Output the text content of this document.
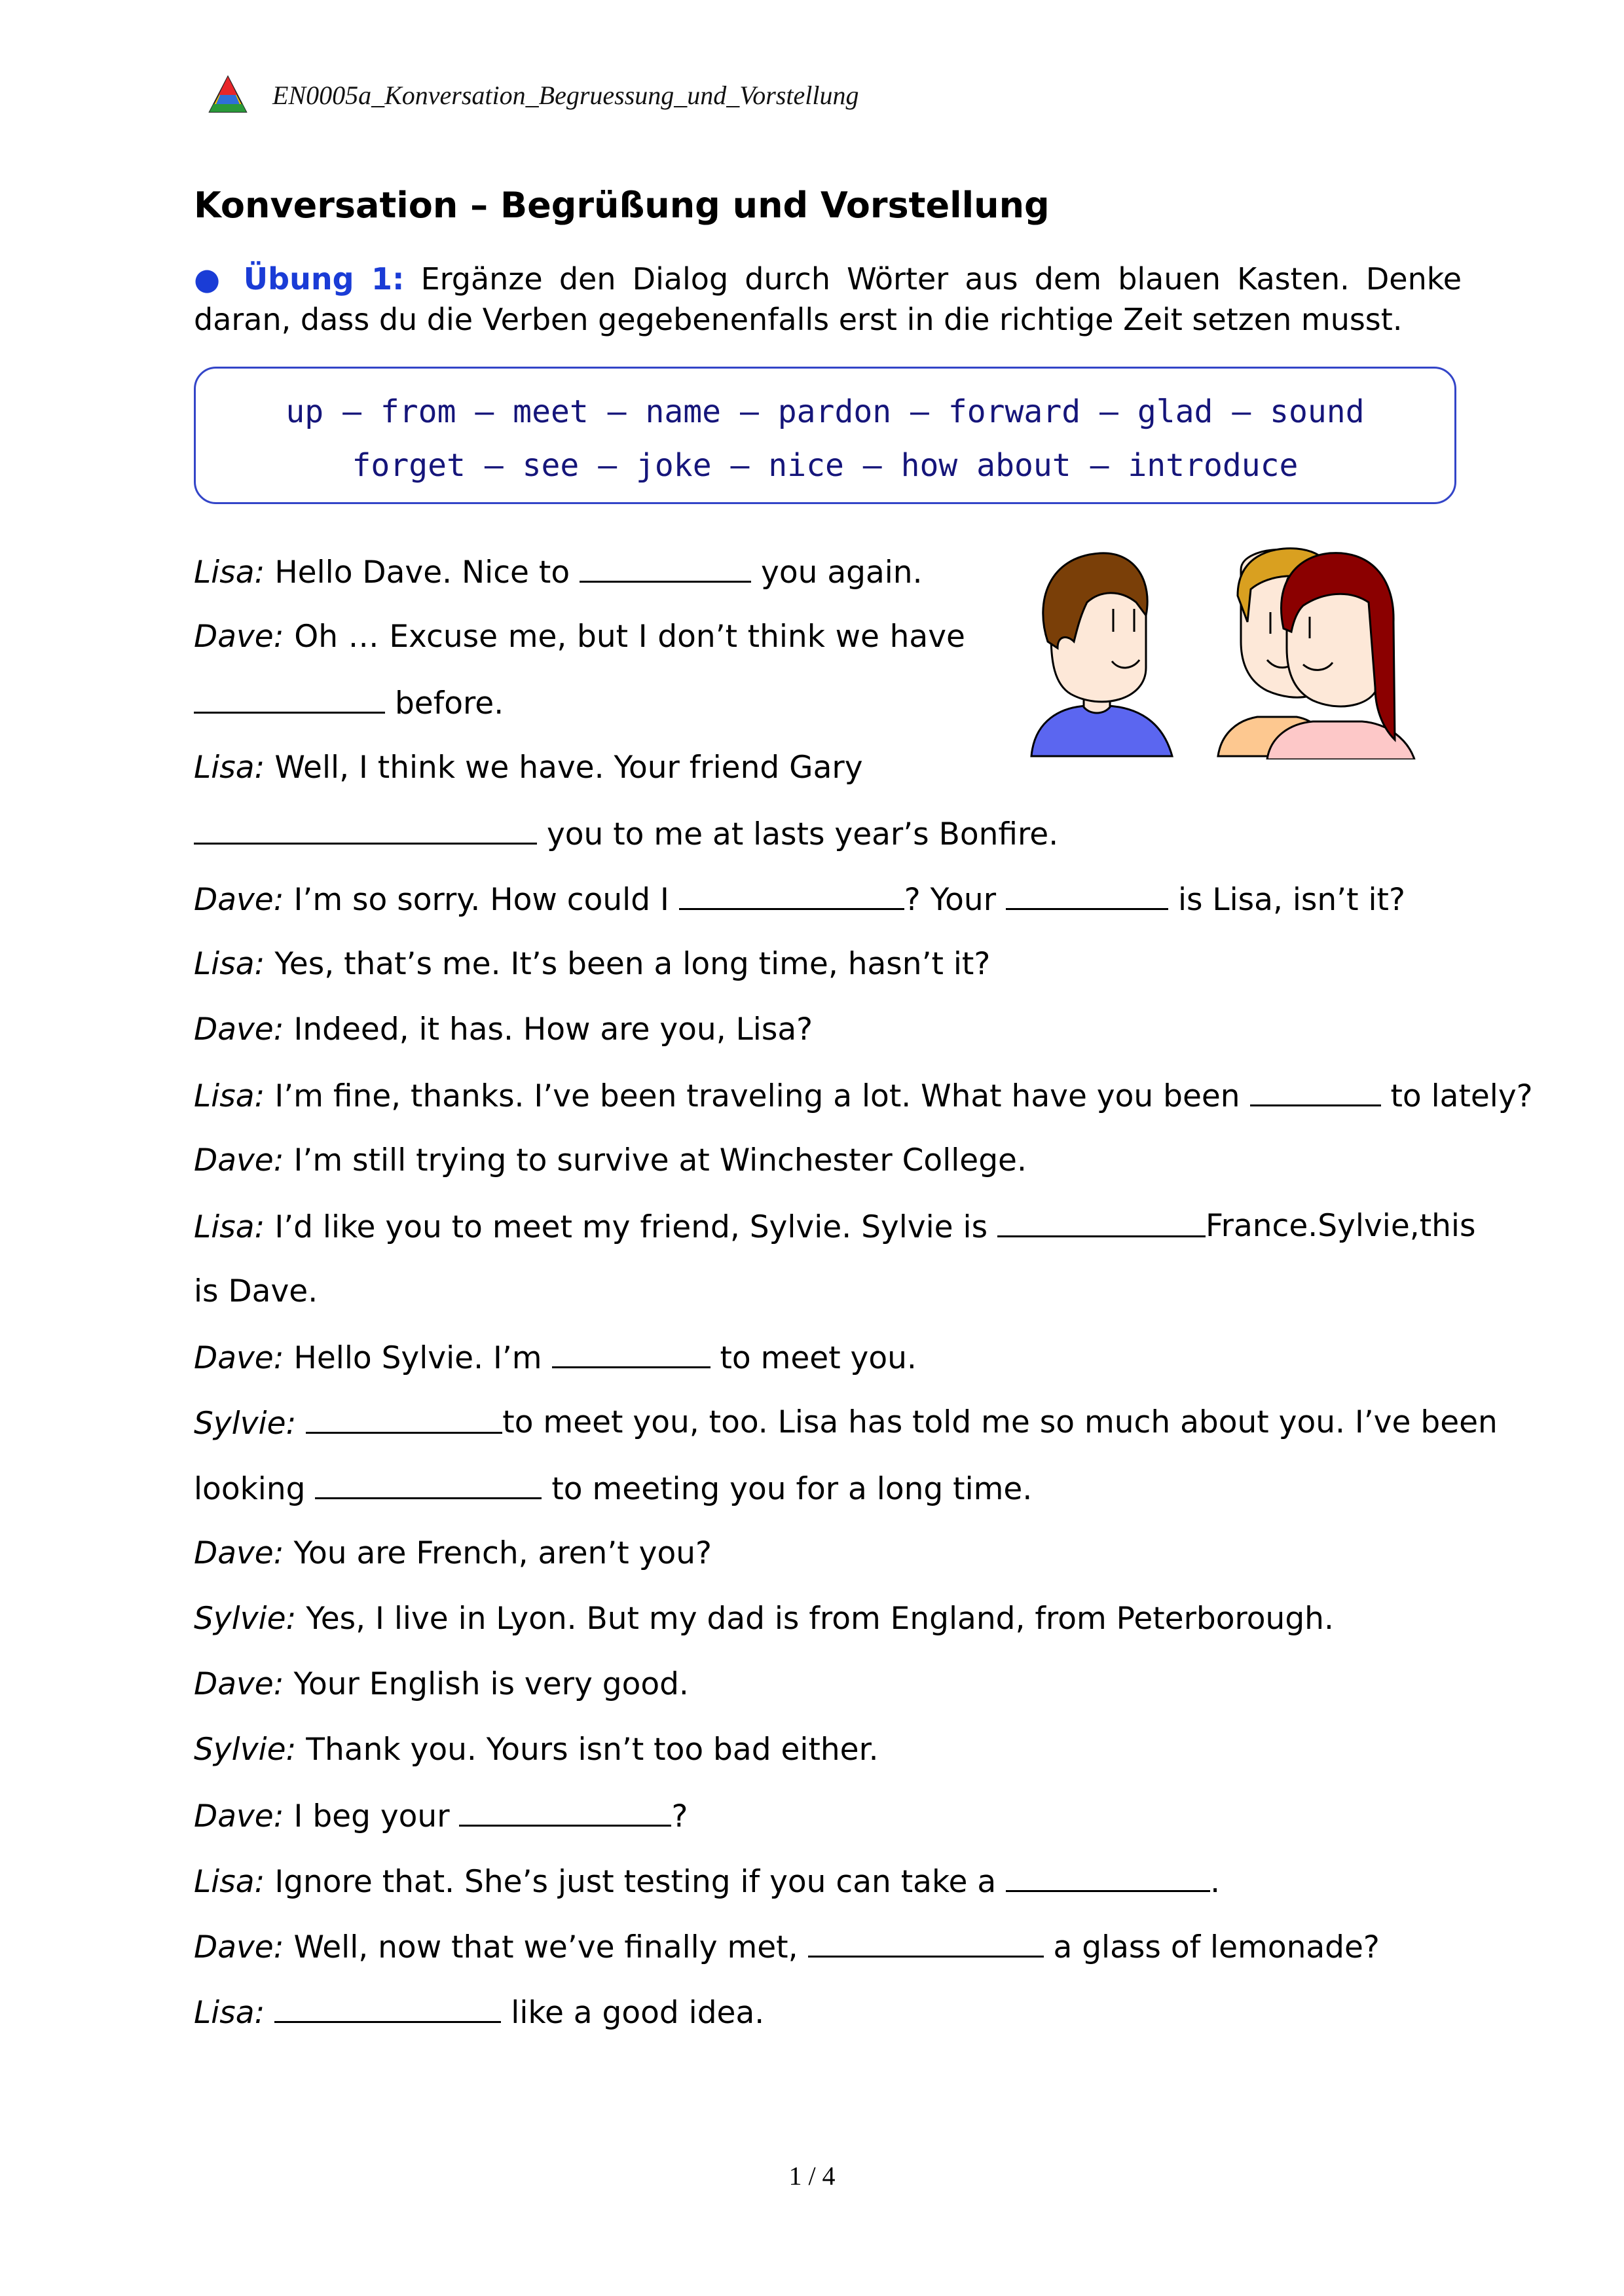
EN0005a_Konversation_Begruessung_und_Vorstellung
Konversation – Begrüßung und Vorstellung
● Übung 1: Ergänze den Dialog durch Wörter aus dem blauen Kasten. Denke daran, dass du die Verben gegebenenfalls erst in die richtige Zeit setzen musst.
up – from – meet – name – pardon – forward – glad – sound
forget – see – joke – nice – how about – introduce
Lisa: Hello Dave. Nice to	you again.
Dave: Oh … Excuse me, but I don’t think we have
before.
Lisa: Well, I think we have. Your friend Gary
you to me at lasts year’s Bonfire.
Dave: I’m so sorry. How could I	? Your	is Lisa, isn’t it?
Lisa: Yes, that’s me. It’s been a long time, hasn’t it?
Dave: Indeed, it has. How are you, Lisa?
Lisa: I’m fine, thanks. I’ve been traveling a lot. What have you been	to lately?
Dave: I’m still trying to survive at Winchester College.
Lisa: I’d like you to meet my friend, Sylvie. Sylvie is	France. Sylvie, this
is Dave.
Dave: Hello Sylvie. I’m	to meet you.
Sylvie:	to meet you, too. Lisa has told me so much about you. I’ve been
looking	to meeting you for a long time.
Dave: You are French, aren’t you?
Sylvie: Yes, I live in Lyon. But my dad is from England, from Peterborough.
Dave: Your English is very good.
Sylvie: Thank you. Yours isn’t too bad either.
Dave: I beg your	?
Lisa: Ignore that. She’s just testing if you can take a	.
Dave: Well, now that we’ve finally met,	a glass of lemonade?
Lisa:	like a good idea.
1 / 4
